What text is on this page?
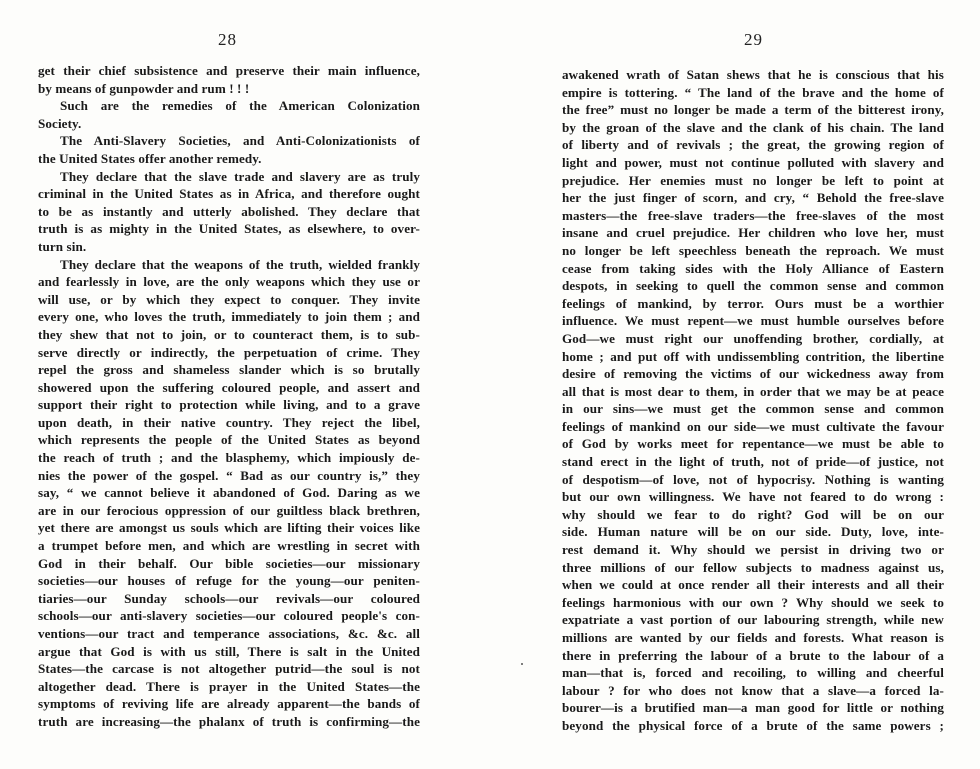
28
get their chief subsistence and preserve their main influence,
by means of gunpowder and rum ! ! !
Such are the remedies of the American Colonization
Society.
The Anti-Slavery Societies, and Anti-Colonizationists of
the United States offer another remedy.
They declare that the slave trade and slavery are as truly
criminal in the United States as in Africa, and therefore ought
to be as instantly and utterly abolished. They declare that
truth is as mighty in the United States, as elsewhere, to over-
turn sin.
They declare that the weapons of the truth, wielded frankly
and fearlessly in love, are the only weapons which they use or
will use, or by which they expect to conquer. They invite
every one, who loves the truth, immediately to join them ; and
they shew that not to join, or to counteract them, is to sub-
serve directly or indirectly, the perpetuation of crime. They
repel the gross and shameless slander which is so brutally
showered upon the suffering coloured people, and assert and
support their right to protection while living, and to a grave
upon death, in their native country. They reject the libel,
which represents the people of the United States as beyond
the reach of truth ; and the blasphemy, which impiously de-
nies the power of the gospel. “ Bad as our country is,” they
say, “ we cannot believe it abandoned of God. Daring as we
are in our ferocious oppression of our guiltless black brethren,
yet there are amongst us souls which are lifting their voices like
a trumpet before men, and which are wrestling in secret with
God in their behalf. Our bible societies—our missionary
societies—our houses of refuge for the young—our peniten-
tiaries—our Sunday schools—our revivals—our coloured
schools—our anti-slavery societies—our coloured people's con-
ventions—our tract and temperance associations, &c. &c. all
argue that God is with us still, There is salt in the United
States—the carcase is not altogether putrid—the soul is not
altogether dead. There is prayer in the United States—the
symptoms of reviving life are already apparent—the bands of
truth are increasing—the phalanx of truth is confirming—the
29
awakened wrath of Satan shews that he is conscious that his
empire is tottering. “ The land of the brave and the home of
the free” must no longer be made a term of the bitterest irony,
by the groan of the slave and the clank of his chain. The land
of liberty and of revivals ; the great, the growing region of
light and power, must not continue polluted with slavery and
prejudice. Her enemies must no longer be left to point at
her the just finger of scorn, and cry, “ Behold the free-slave
masters—the free-slave traders—the free-slaves of the most
insane and cruel prejudice. Her children who love her, must
no longer be left speechless beneath the reproach. We must
cease from taking sides with the Holy Alliance of Eastern
despots, in seeking to quell the common sense and common
feelings of mankind, by terror. Ours must be a worthier
influence. We must repent—we must humble ourselves before
God—we must right our unoffending brother, cordially, at
home ; and put off with undissembling contrition, the libertine
desire of removing the victims of our wickedness away from
all that is most dear to them, in order that we may be at peace
in our sins—we must get the common sense and common
feelings of mankind on our side—we must cultivate the favour
of God by works meet for repentance—we must be able to
stand erect in the light of truth, not of pride—of justice, not
of despotism—of love, not of hypocrisy. Nothing is wanting
but our own willingness. We have not feared to do wrong :
why should we fear to do right? God will be on our
side. Human nature will be on our side. Duty, love, inte-
rest demand it. Why should we persist in driving two or
three millions of our fellow subjects to madness against us,
when we could at once render all their interests and all their
feelings harmonious with our own ? Why should we seek to
expatriate a vast portion of our labouring strength, while new
millions are wanted by our fields and forests. What reason is
there in preferring the labour of a brute to the labour of a
man—that is, forced and recoiling, to willing and cheerful
labour ? for who does not know that a slave—a forced la-
bourer—is a brutified man—a man good for little or nothing
beyond the physical force of a brute of the same powers ;
